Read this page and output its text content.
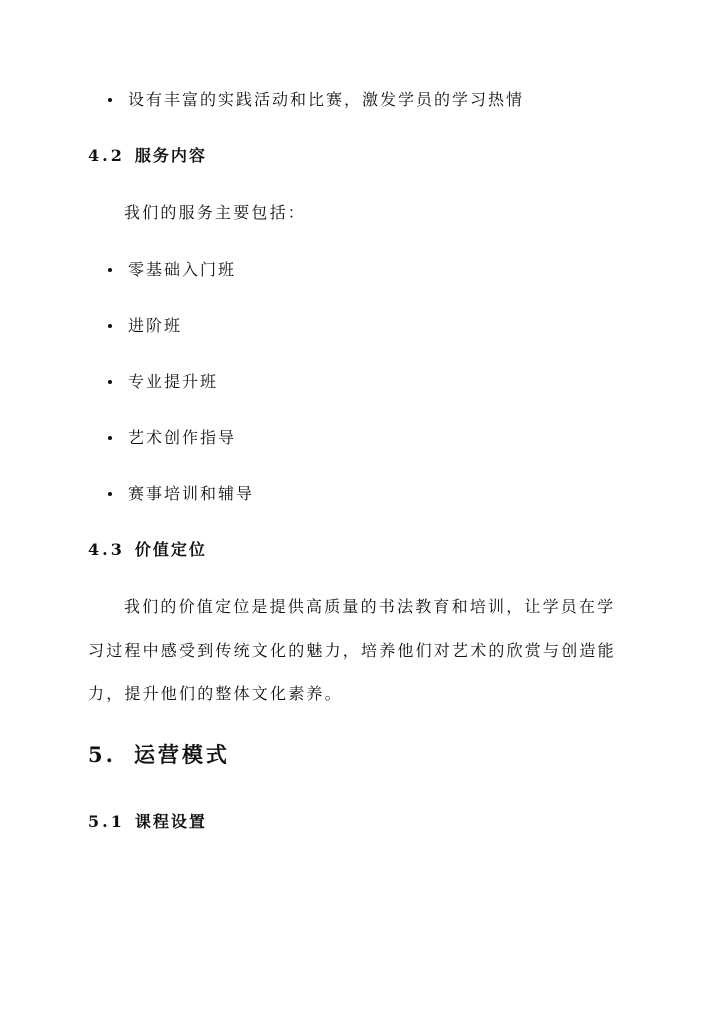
设有丰富的实践活动和比赛，激发学员的学习热情
4.2 服务内容
我们的服务主要包括：
零基础入门班
进阶班
专业提升班
艺术创作指导
赛事培训和辅导
4.3 价值定位
我们的价值定位是提供高质量的书法教育和培训，让学员在学
习过程中感受到传统文化的魅力，培养他们对艺术的欣赏与创造能
力，提升他们的整体文化素养。
5. 运营模式
5.1 课程设置
